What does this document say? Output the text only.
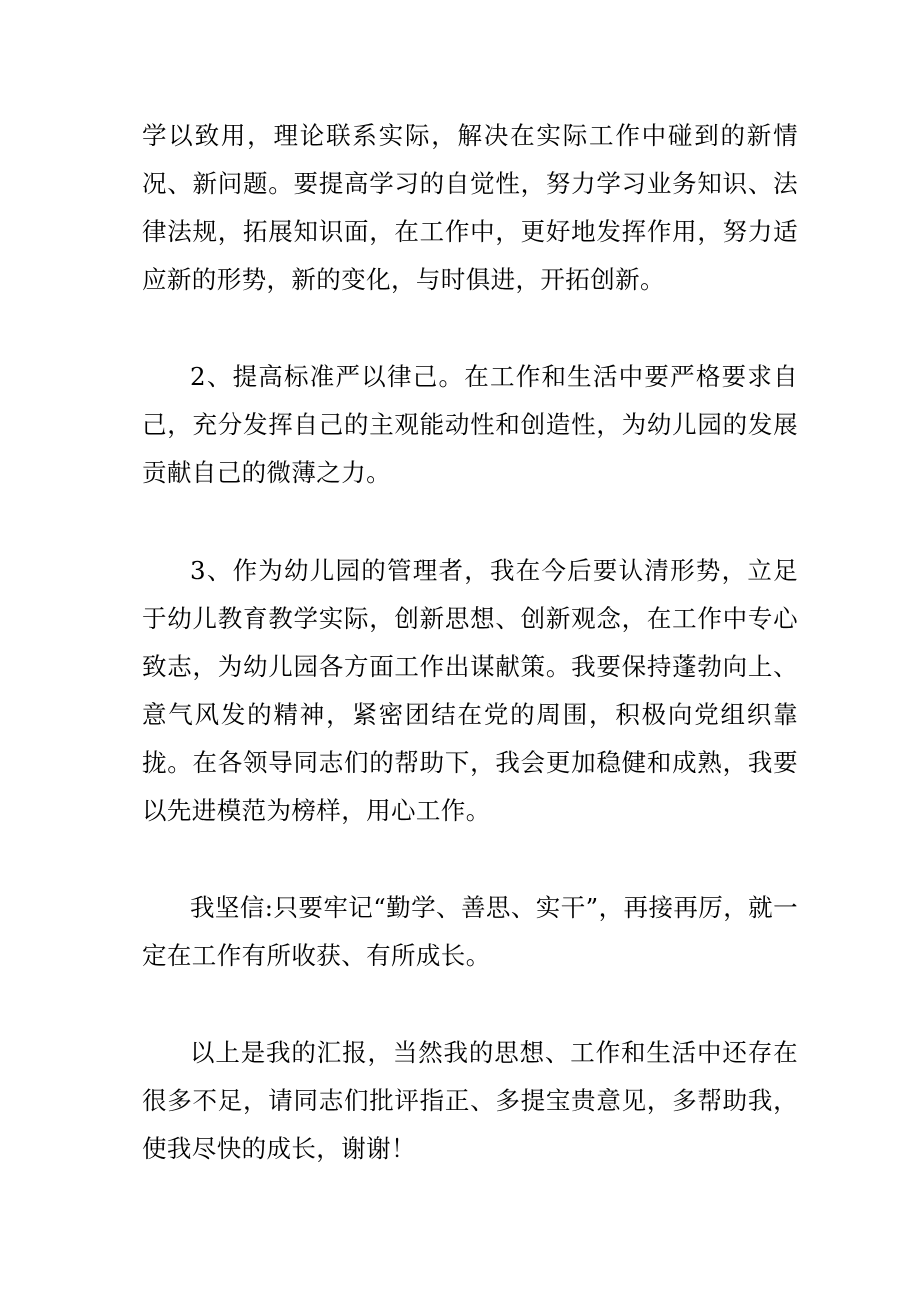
学以致用，理论联系实际，解决在实际工作中碰到的新情况、新问题。要提高学习的自觉性，努力学习业务知识、法律法规，拓展知识面，在工作中，更好地发挥作用，努力适应新的形势，新的变化，与时俱进，开拓创新。

2、提高标准严以律己。在工作和生活中要严格要求自己，充分发挥自己的主观能动性和创造性，为幼儿园的发展贡献自己的微薄之力。

3、作为幼儿园的管理者，我在今后要认清形势，立足于幼儿教育教学实际，创新思想、创新观念，在工作中专心致志，为幼儿园各方面工作出谋献策。我要保持蓬勃向上、意气风发的精神，紧密团结在党的周围，积极向党组织靠拢。在各领导同志们的帮助下，我会更加稳健和成熟，我要以先进模范为榜样，用心工作。

我坚信:只要牢记“勤学、善思、实干”，再接再厉，就一定在工作有所收获、有所成长。

以上是我的汇报，当然我的思想、工作和生活中还存在很多不足，请同志们批评指正、多提宝贵意见，多帮助我，使我尽快的成长，谢谢！
